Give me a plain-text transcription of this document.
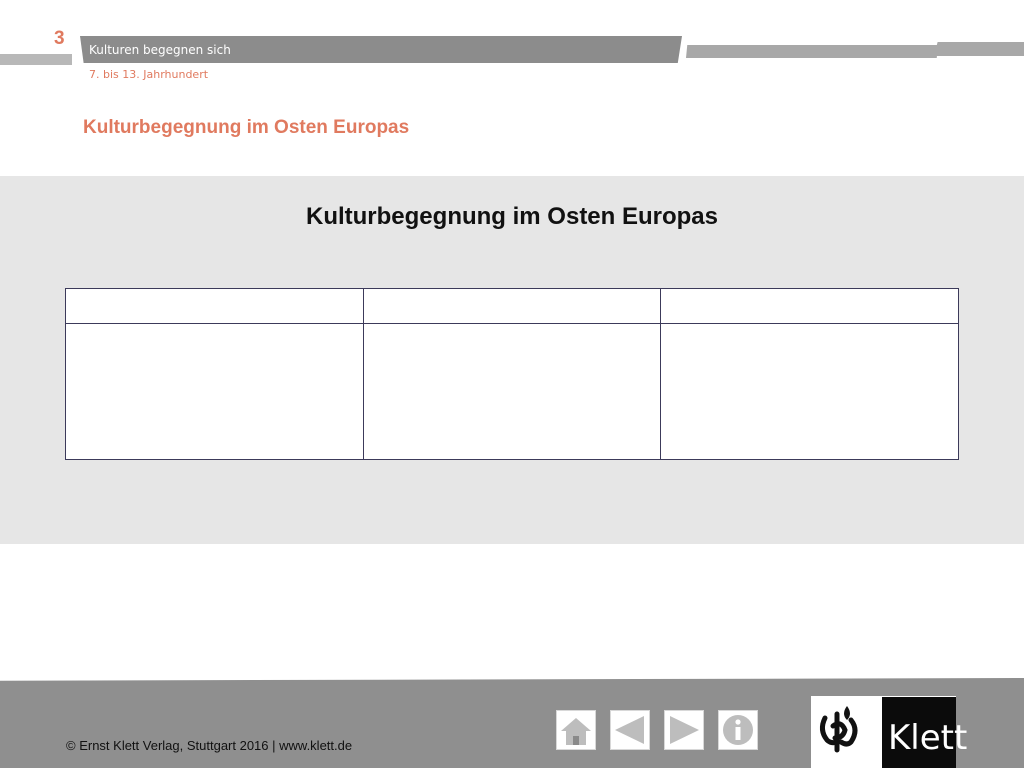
3
Kulturen begegnen sich
7. bis 13. Jahrhundert
Kulturbegegnung im Osten Europas
Kulturbegegnung im Osten Europas

© Ernst Klett Verlag, Stuttgart 2016 | www.klett.de	Klett
